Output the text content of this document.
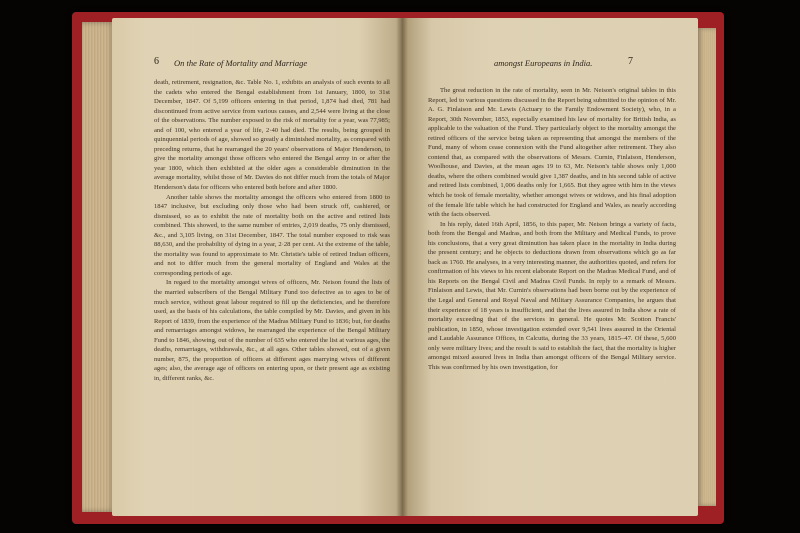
6 On the Rate of Mortality and Marriage

death, retirement, resignation, &c. Table No. 1, exhibits an analysis of such events to all the cadets who entered the Bengal establishment from 1st January, 1800, to 31st December, 1847. Of 5,199 officers entering in that period, 1,874 had died, 781 had discontinued from active service from various causes, and 2,544 were living at the close of the observations. The number exposed to the risk of mortality for a year, was 77,985; and of 100, who entered a year of life, 2·40 had died. The results, being grouped in quinquennial periods of age, showed so greatly a diminished mortality, as compared with preceding returns, that he rearranged the 20 years' observations of Major Henderson, to give the mortality amongst those officers who entered the Bengal army in or after the year 1800, which then exhibited at the older ages a considerable diminution in the average mortality, whilst those of Mr. Davies do not differ much from the totals of Major Henderson's data for officers who entered both before and after 1800.

Another table shows the mortality amongst the officers who entered from 1800 to 1847 inclusive, but excluding only those who had been struck off, cashiered, or dismissed, so as to exhibit the rate of mortality both on the active and retired lists combined. This showed, to the same number of entries, 2,019 deaths, 75 only dismissed, &c., and 3,105 living, on 31st December, 1847. The total number exposed to risk was 88,630, and the probability of dying in a year, 2·28 per cent. At the extreme of the table, the mortality was found to approximate to Mr. Christie's table of retired Indian officers, and not to differ much from the general mortality of England and Wales at the corresponding periods of age.

In regard to the mortality amongst wives of officers, Mr. Neison found the lists of the married subscribers of the Bengal Military Fund too defective as to ages to be of much service, without great labour required to fill up the deficiencies, and he therefore used, as the basis of his calculations, the table compiled by Mr. Davies, and given in his Report of 1839, from the experience of the Madras Military Fund to 1836; but, for deaths and remarriages amongst widows, he rearranged the experience of the Bengal Military Fund to 1846, showing, out of the number of 635 who entered the list at various ages, the deaths, remarriages, withdrawals, &c., at all ages. Other tables showed, out of a given number, 875, the proportion of officers at different ages marrying wives of different ages; also, the average age of officers on entering upon, or their present age as existing in, different ranks, &c.

amongst Europeans in India.	7

The great reduction in the rate of mortality, seen in Mr. Neison's original tables in this Report, led to various questions discussed in the Report being submitted to the opinion of Mr. A. G. Finlaison and Mr. Lewis (Actuary to the Family Endowment Society), who, in a Report, 30th November, 1853, especially examined his law of mortality for British India, as applicable to the valuation of the Fund. They particularly object to the mortality amongst the retired officers of the service being taken as representing that amongst the members of the Fund, many of whom cease connexion with the Fund altogether after retirement. They also contend that, as compared with the observations of Messrs. Curnin, Finlaison, Henderson, Woolhouse, and Davies, at the mean ages 19 to 63, Mr. Neison's table shows only 1,000 deaths, where the others combined would give 1,387 deaths, and in his second table of active and retired lists combined, 1,006 deaths only for 1,665. But they agree with him in the views which he took of female mortality, whether amongst wives or widows, and his final adoption of the female life table which he had constructed for England and Wales, as nearly according with the facts observed.

In his reply, dated 16th April, 1856, to this paper, Mr. Neison brings a variety of facts, both from the Bengal and Madras, and both from the Military and Medical Funds, to prove his conclusions, that a very great diminution has taken place in the mortality in India during the present century; and he objects to deductions drawn from observations which go as far back as 1760. He analyses, in a very interesting manner, the authorities quoted, and refers for confirmation of his views to his recent elaborate Report on the Madras Medical Fund, and of his Reports on the Bengal Civil and Madras Civil Funds. In reply to a remark of Messrs. Finlaison and Lewis, that Mr. Curnin's observations had been borne out by the experience of the Legal and General and Royal Naval and Military Assurance Companies, he argues that their experience of 18 years is insufficient, and that the lives assured in India show a rate of mortality exceeding that of the services in general. He quotes Mr. Scotton Francis' publication, in 1850, whose investigation extended over 9,541 lives assured in the Oriental and Laudable Assurance Offices, in Calcutta, during the 33 years, 1815–47. Of these, 5,600 only were military lives; and the result is said to establish the fact, that the mortality is higher amongst mixed assured lives in India than amongst officers of the Bengal Military service. This was confirmed by his own investigation, for
